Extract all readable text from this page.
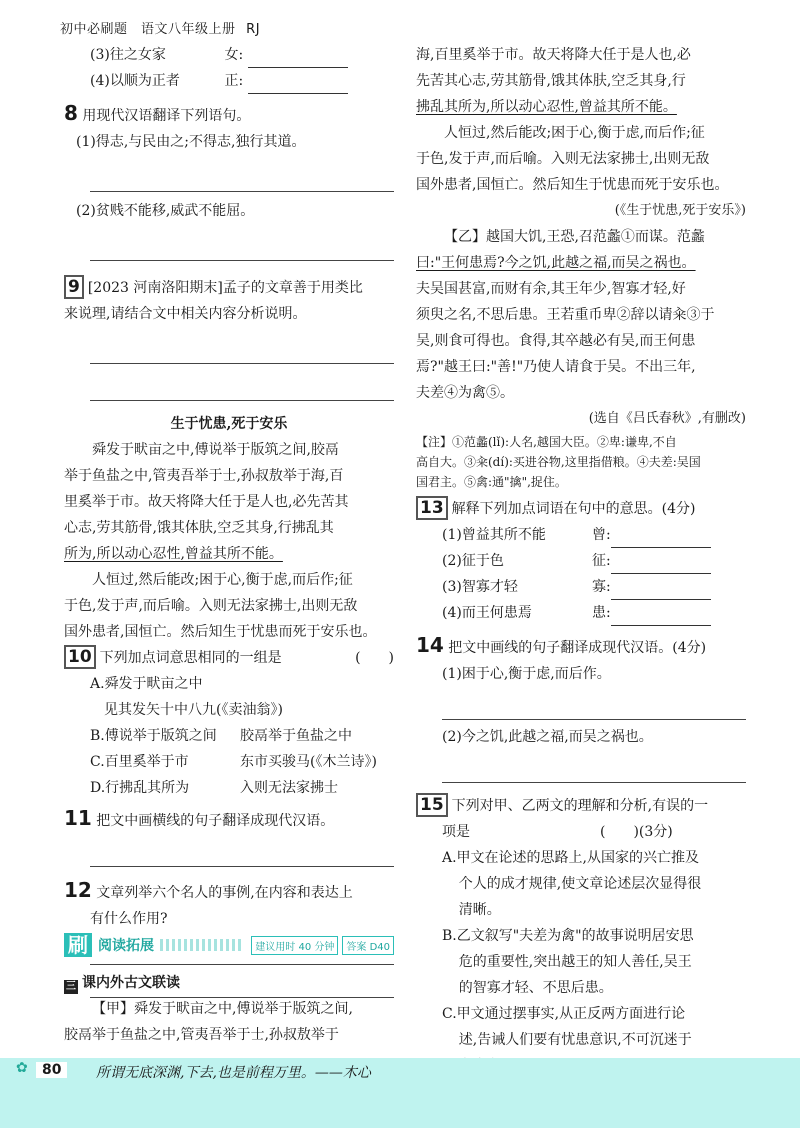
初中必刷题　语文八年级上册 RJ
(3)往之女家	女:
(4)以顺为正者	正:
8 用现代汉语翻译下列语句。
(1)得志,与民由之;不得志,独行其道。
(2)贫贱不能移,威武不能屈。
9 [2023 河南洛阳期末]孟子的文章善于用类比
来说理,请结合文中相关内容分析说明。
生于忧患,死于安乐
舜发于畎亩之中,傅说举于版筑之间,胶鬲
举于鱼盐之中,管夷吾举于士,孙叔敖举于海,百
里奚举于市。故天将降大任于是人也,必先苦其
心志,劳其筋骨,饿其体肤,空乏其身,行拂乱其
所为,所以动心忍性,曾益其所不能。
人恒过,然后能改;困于心,衡于虑,而后作;征
于色,发于声,而后喻。入则无法家拂士,出则无敌
国外患者,国恒亡。然后知生于忧患而死于安乐也。
10 下列加点词意思相同的一组是	(　　)
A.舜发于畎亩之中
　见其发矢十中八九(《卖油翁》)
B.傅说举于版筑之间 胶鬲举于鱼盐之中
C.百里奚举于市	东市买骏马(《木兰诗》)
D.行拂乱其所为	入则无法家拂士
11 把文中画横线的句子翻译成现代汉语。
12 文章列举六个名人的事例,在内容和表达上
有什么作用?
刷 阅读拓展	建议用时 40 分钟	答案 D40
三 课内外古文联读
【甲】舜发于畎亩之中,傅说举于版筑之间,
胶鬲举于鱼盐之中,管夷吾举于士,孙叔敖举于
海,百里奚举于市。故天将降大任于是人也,必
先苦其心志,劳其筋骨,饿其体肤,空乏其身,行
拂乱其所为,所以动心忍性,曾益其所不能。
人恒过,然后能改;困于心,衡于虑,而后作;征
于色,发于声,而后喻。入则无法家拂士,出则无敌
国外患者,国恒亡。然后知生于忧患而死于安乐也。
(《生于忧患,死于安乐》)
【乙】越国大饥,王恐,召范蠡①而谋。范蠡
曰:"王何患焉?今之饥,此越之福,而吴之祸也。
夫吴国甚富,而财有余,其王年少,智寡才轻,好
须臾之名,不思后患。王若重币卑②辞以请籴③于
吴,则食可得也。食得,其卒越必有吴,而王何患
焉?"越王曰:"善!"乃使人请食于吴。不出三年,
夫差④为禽⑤。
(选自《吕氏春秋》,有删改)
【注】①范蠡(lǐ):人名,越国大臣。②卑:谦卑,不自
高自大。③籴(dí):买进谷物,这里指借粮。④夫差:吴国
国君主。⑤禽:通"擒",捉住。
13 解释下列加点词语在句中的意思。(4分)
(1)曾益其所不能	曾:
(2)征于色	征:
(3)智寡才轻	寡:
(4)而王何患焉	患:
14 把文中画线的句子翻译成现代汉语。(4分)
(1)困于心,衡于虑,而后作。
(2)今之饥,此越之福,而吴之祸也。
15 下列对甲、乙两文的理解和分析,有误的一
项是	(　　)(3分)
A.甲文在论述的思路上,从国家的兴亡推及
个人的成才规律,使文章论述层次显得很
清晰。
B.乙文叙写"夫差为禽"的故事说明居安思
危的重要性,突出越王的知人善任,吴王
的智寡才轻、不思后患。
C.甲文通过摆事实,从正反两方面进行论
述,告诫人们要有忧患意识,不可沉迷于
✿	80	所谓无底深渊,下去,也是前程万里。——木心
